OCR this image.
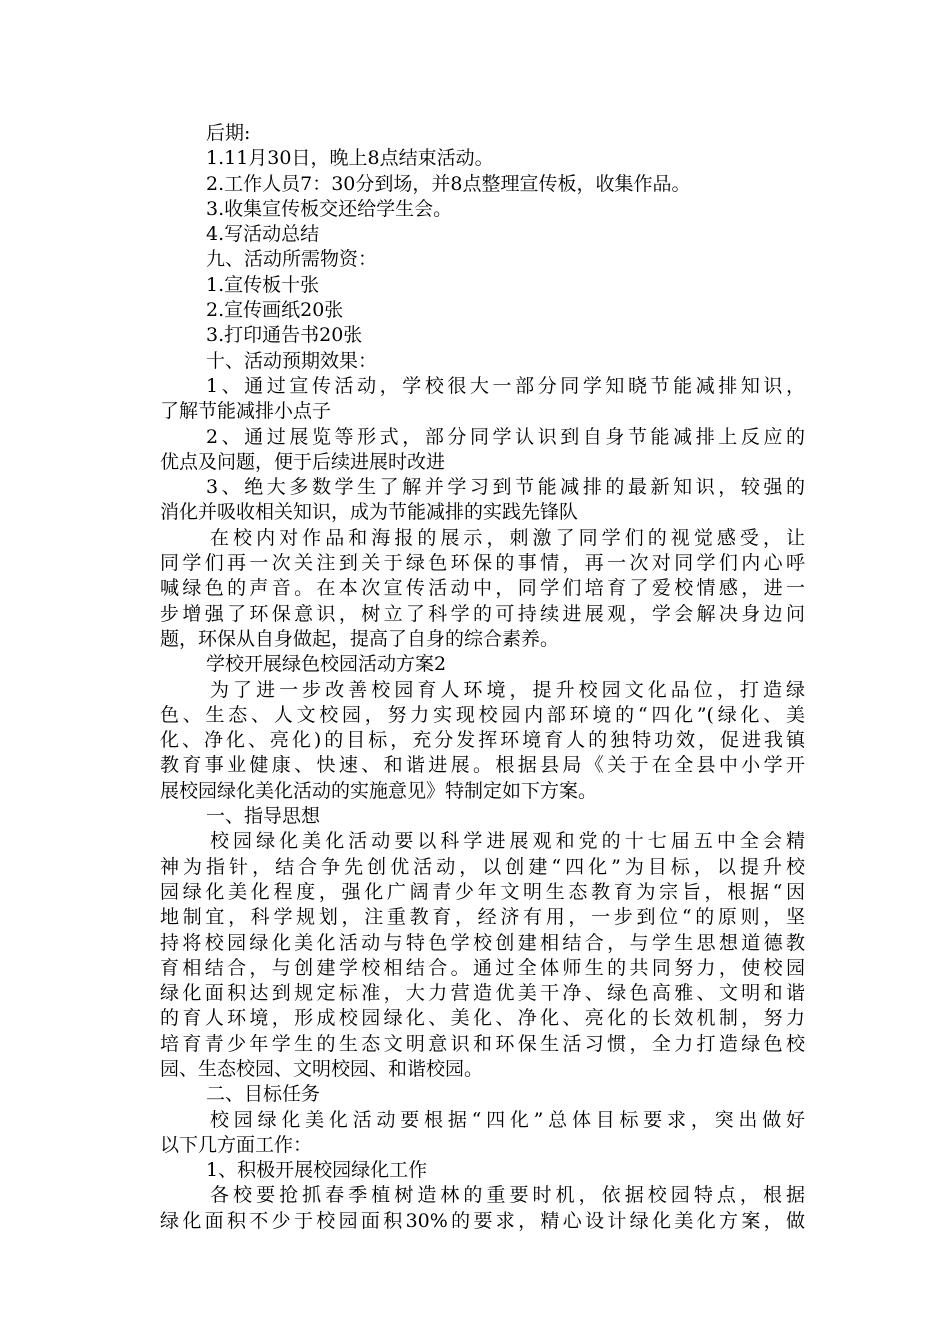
后期:

1.11月30日，晚上8点结束活动。

2.工作人员7：30分到场，并8点整理宣传板，收集作品。

3.收集宣传板交还给学生会。

4.写活动总结

九、活动所需物资：

1.宣传板十张

2.宣传画纸20张

3.打印通告书20张

十、活动预期效果：

1、通过宣传活动，学校很大一部分同学知晓节能减排知识，

了解节能减排小点子

2、通过展览等形式，部分同学认识到自身节能减排上反应的

优点及问题，便于后续进展时改进

3、绝大多数学生了解并学习到节能减排的最新知识，较强的

消化并吸收相关知识，成为节能减排的实践先锋队

在校内对作品和海报的展示，刺激了同学们的视觉感受，让

同学们再一次关注到关于绿色环保的事情，再一次对同学们内心呼

喊绿色的声音。在本次宣传活动中，同学们培育了爱校情感，进一

步增强了环保意识，树立了科学的可持续进展观，学会解决身边问

题，环保从自身做起，提高了自身的综合素养。

学校开展绿色校园活动方案2

为了进一步改善校园育人环境，提升校园文化品位，打造绿

色、生态、人文校园，努力实现校园内部环境的“四化”(绿化、美

化、净化、亮化)的目标，充分发挥环境育人的独特功效，促进我镇

教育事业健康、快速、和谐进展。根据县局《关于在全县中小学开

展校园绿化美化活动的实施意见》特制定如下方案。

一、指导思想

校园绿化美化活动要以科学进展观和党的十七届五中全会精

神为指针，结合争先创优活动，以创建“四化”为目标，以提升校

园绿化美化程度，强化广阔青少年文明生态教育为宗旨，根据“因

地制宜，科学规划，注重教育，经济有用，一步到位“的原则，坚

持将校园绿化美化活动与特色学校创建相结合，与学生思想道德教

育相结合，与创建学校相结合。通过全体师生的共同努力，使校园

绿化面积达到规定标准，大力营造优美干净、绿色高雅、文明和谐

的育人环境，形成校园绿化、美化、净化、亮化的长效机制，努力

培育青少年学生的生态文明意识和环保生活习惯，全力打造绿色校

园、生态校园、文明校园、和谐校园。

二、目标任务

校园绿化美化活动要根据“四化”总体目标要求，突出做好

以下几方面工作：

1、积极开展校园绿化工作

各校要抢抓春季植树造林的重要时机，依据校园特点，根据

绿化面积不少于校园面积30%的要求，精心设计绿化美化方案，做
